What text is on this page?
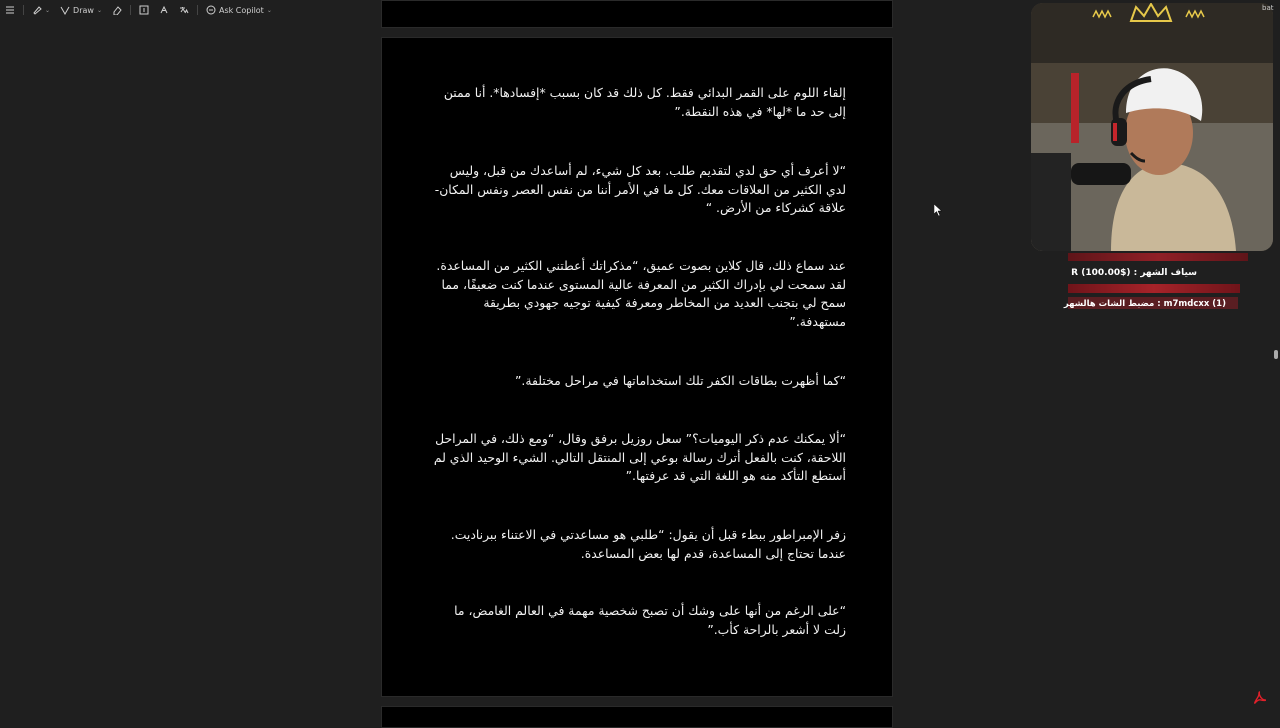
⌄	Draw ⌄	Ask Copilot ⌄

إلقاء اللوم على القمر البدائي فقط. كل ذلك قد كان بسبب *إفسادها*. أنا ممتن إلى حد ما *لها* في هذه النقطة.”

“لا أعرف أي حق لدي لتقديم طلب. بعد كل شيء، لم أساعدك من قبل، وليس لدي الكثير من العلاقات معك. كل ما في الأمر أننا من نفس العصر ونفس المكان- علاقة كشركاء من الأرض. “

عند سماع ذلك، قال كلاين بصوت عميق، “مذكراتك أعطتني الكثير من المساعدة. لقد سمحت لي بإدراك الكثير من المعرفة عالية المستوى عندما كنت ضعيفًا، مما سمح لي بتجنب العديد من المخاطر ومعرفة كيفية توجيه جهودي بطريقة مستهدفة.”

“كما أظهرت بطاقات الكفر تلك استخداماتها في مراحل مختلفة.”

“ألا يمكنك عدم ذكر اليوميات؟” سعل روزيل برفق وقال، “ومع ذلك، في المراحل اللاحقة، كنت بالفعل أترك رسالة بوعي إلى المنتقل التالي. الشيء الوحيد الذي لم أستطع التأكد منه هو اللغة التي قد عرفتها.”

زفر الإمبراطور ببطء قبل أن يقول: “طلبي هو مساعدتي في الاعتناء ببرناديت. عندما تحتاج إلى المساعدة، قدم لها بعض المساعدة.

“على الرغم من أنها على وشك أن تصبح شخصية مهمة في العالم الغامض، ما زلت لا أشعر بالراحة كأب.”

bat
سياف الشهر : ($100.00) R
m7mdcxx (1) : مضبط الشات هالشهر
